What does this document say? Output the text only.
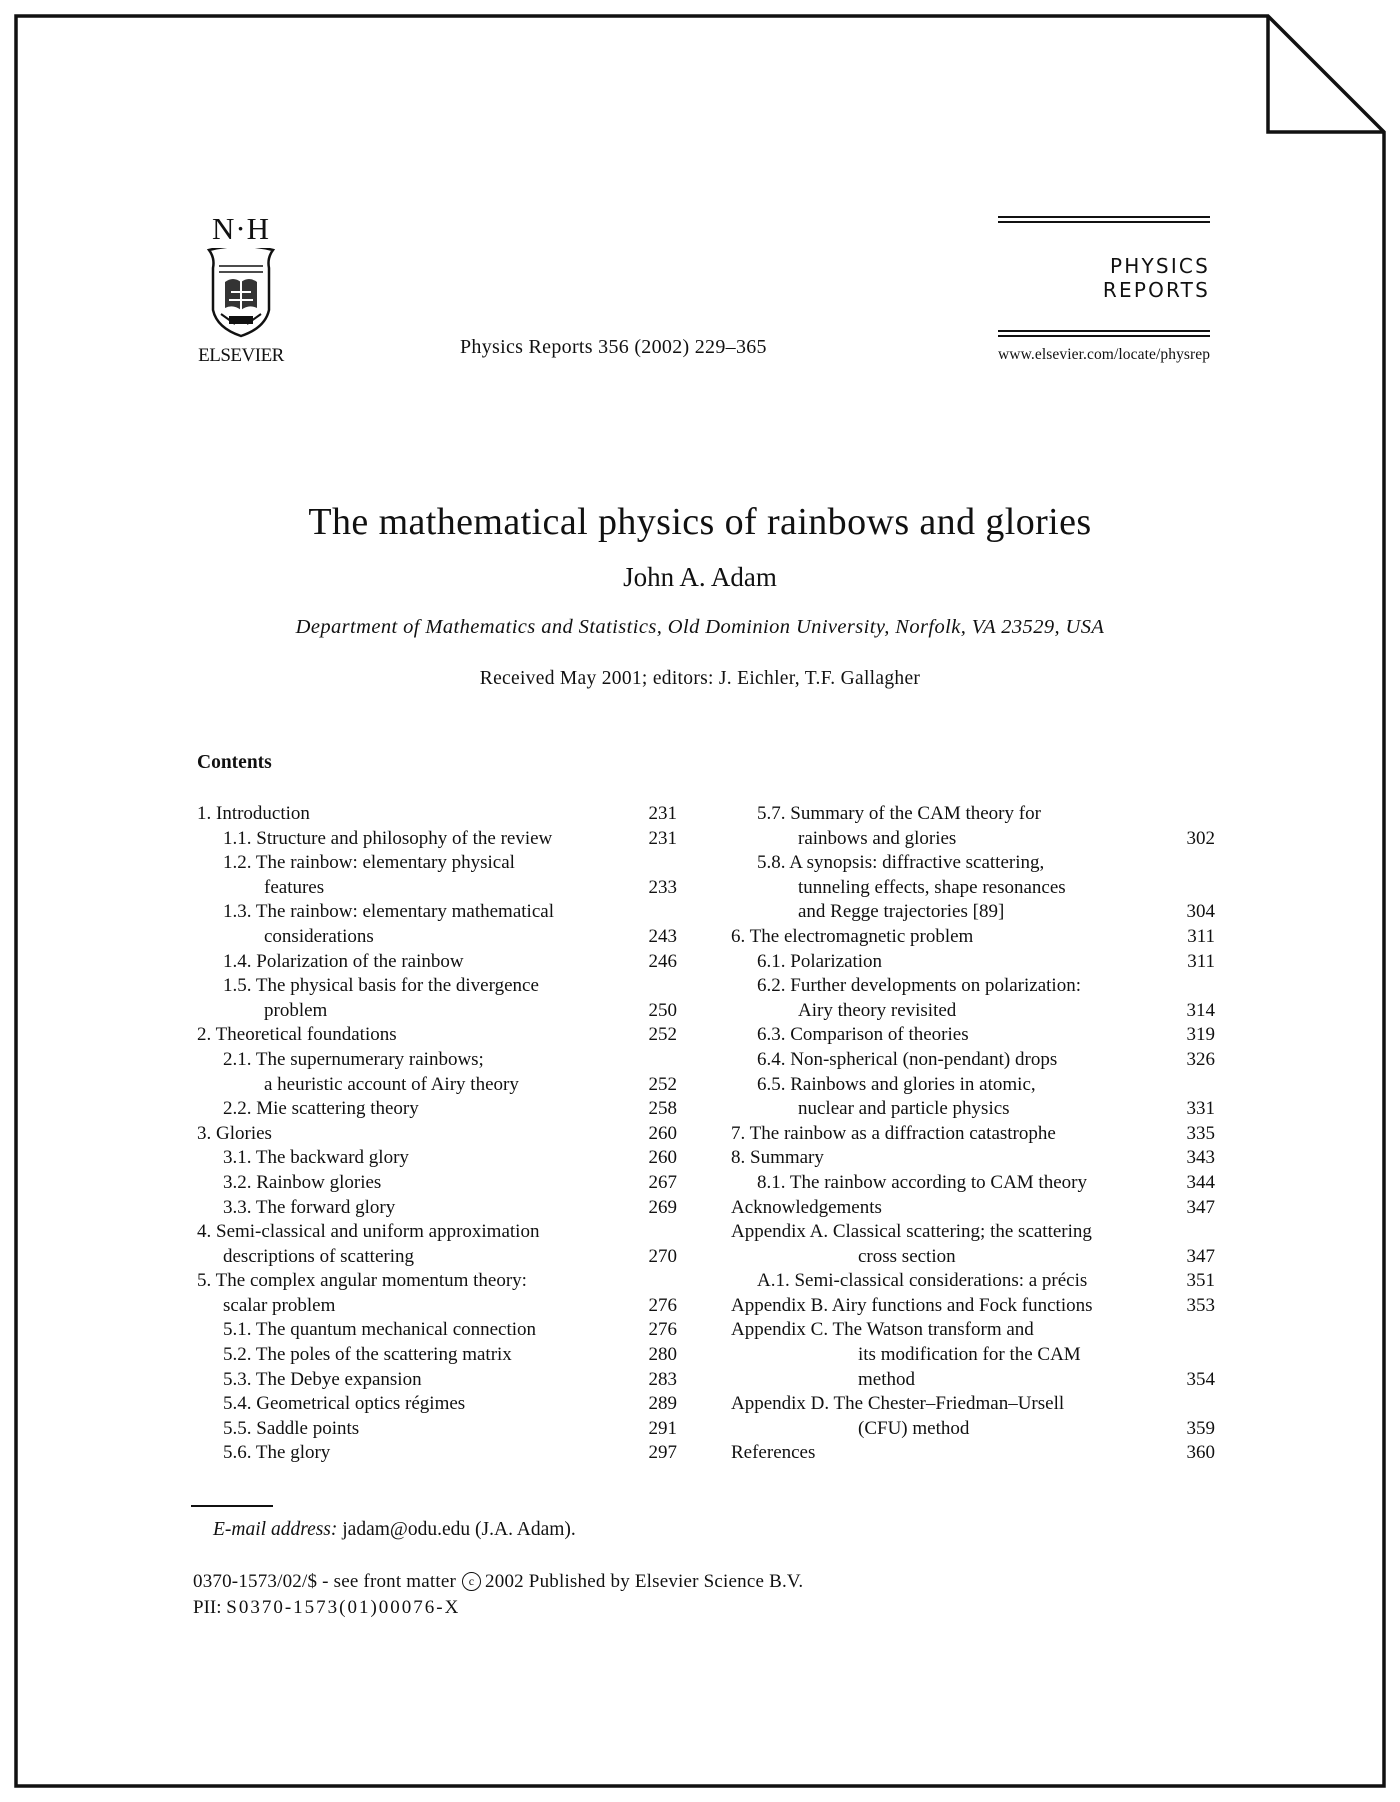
N·H
ELSEVIER	Physics Reports 356 (2002) 229–365
PHYSICS REPORTS
www.elsevier.com/locate/physrep
The mathematical physics of rainbows and glories
John A. Adam
Department of Mathematics and Statistics, Old Dominion University, Norfolk, VA 23529, USA
Received May 2001; editors: J. Eichler, T.F. Gallagher
Contents
1. Introduction	231
1.1. Structure and philosophy of the review	231
1.2. The rainbow: elementary physical
features	233
1.3. The rainbow: elementary mathematical
considerations	243
1.4. Polarization of the rainbow	246
1.5. The physical basis for the divergence
problem	250
2. Theoretical foundations	252
2.1. The supernumerary rainbows;
a heuristic account of Airy theory	252
2.2. Mie scattering theory	258
3. Glories	260
3.1. The backward glory	260
3.2. Rainbow glories	267
3.3. The forward glory	269
4. Semi-classical and uniform approximation
descriptions of scattering	270
5. The complex angular momentum theory:
scalar problem	276
5.1. The quantum mechanical connection	276
5.2. The poles of the scattering matrix	280
5.3. The Debye expansion	283
5.4. Geometrical optics régimes	289
5.5. Saddle points	291
5.6. The glory	297
5.7. Summary of the CAM theory for
rainbows and glories	302
5.8. A synopsis: diffractive scattering,
tunneling effects, shape resonances
and Regge trajectories [89]	304
6. The electromagnetic problem	311
6.1. Polarization	311
6.2. Further developments on polarization:
Airy theory revisited	314
6.3. Comparison of theories	319
6.4. Non-spherical (non-pendant) drops	326
6.5. Rainbows and glories in atomic,
nuclear and particle physics	331
7. The rainbow as a diffraction catastrophe	335
8. Summary	343
8.1. The rainbow according to CAM theory	344
Acknowledgements	347
Appendix A. Classical scattering; the scattering
cross section	347
A.1. Semi-classical considerations: a précis	351
Appendix B. Airy functions and Fock functions	353
Appendix C. The Watson transform and
its modification for the CAM
method	354
Appendix D. The Chester–Friedman–Ursell
(CFU) method	359
References	360
E-mail address: jadam@odu.edu (J.A. Adam).
0370-1573/02/$ - see front matter c 2002 Published by Elsevier Science B.V.
PII: S0370-1573(01)00076-X
